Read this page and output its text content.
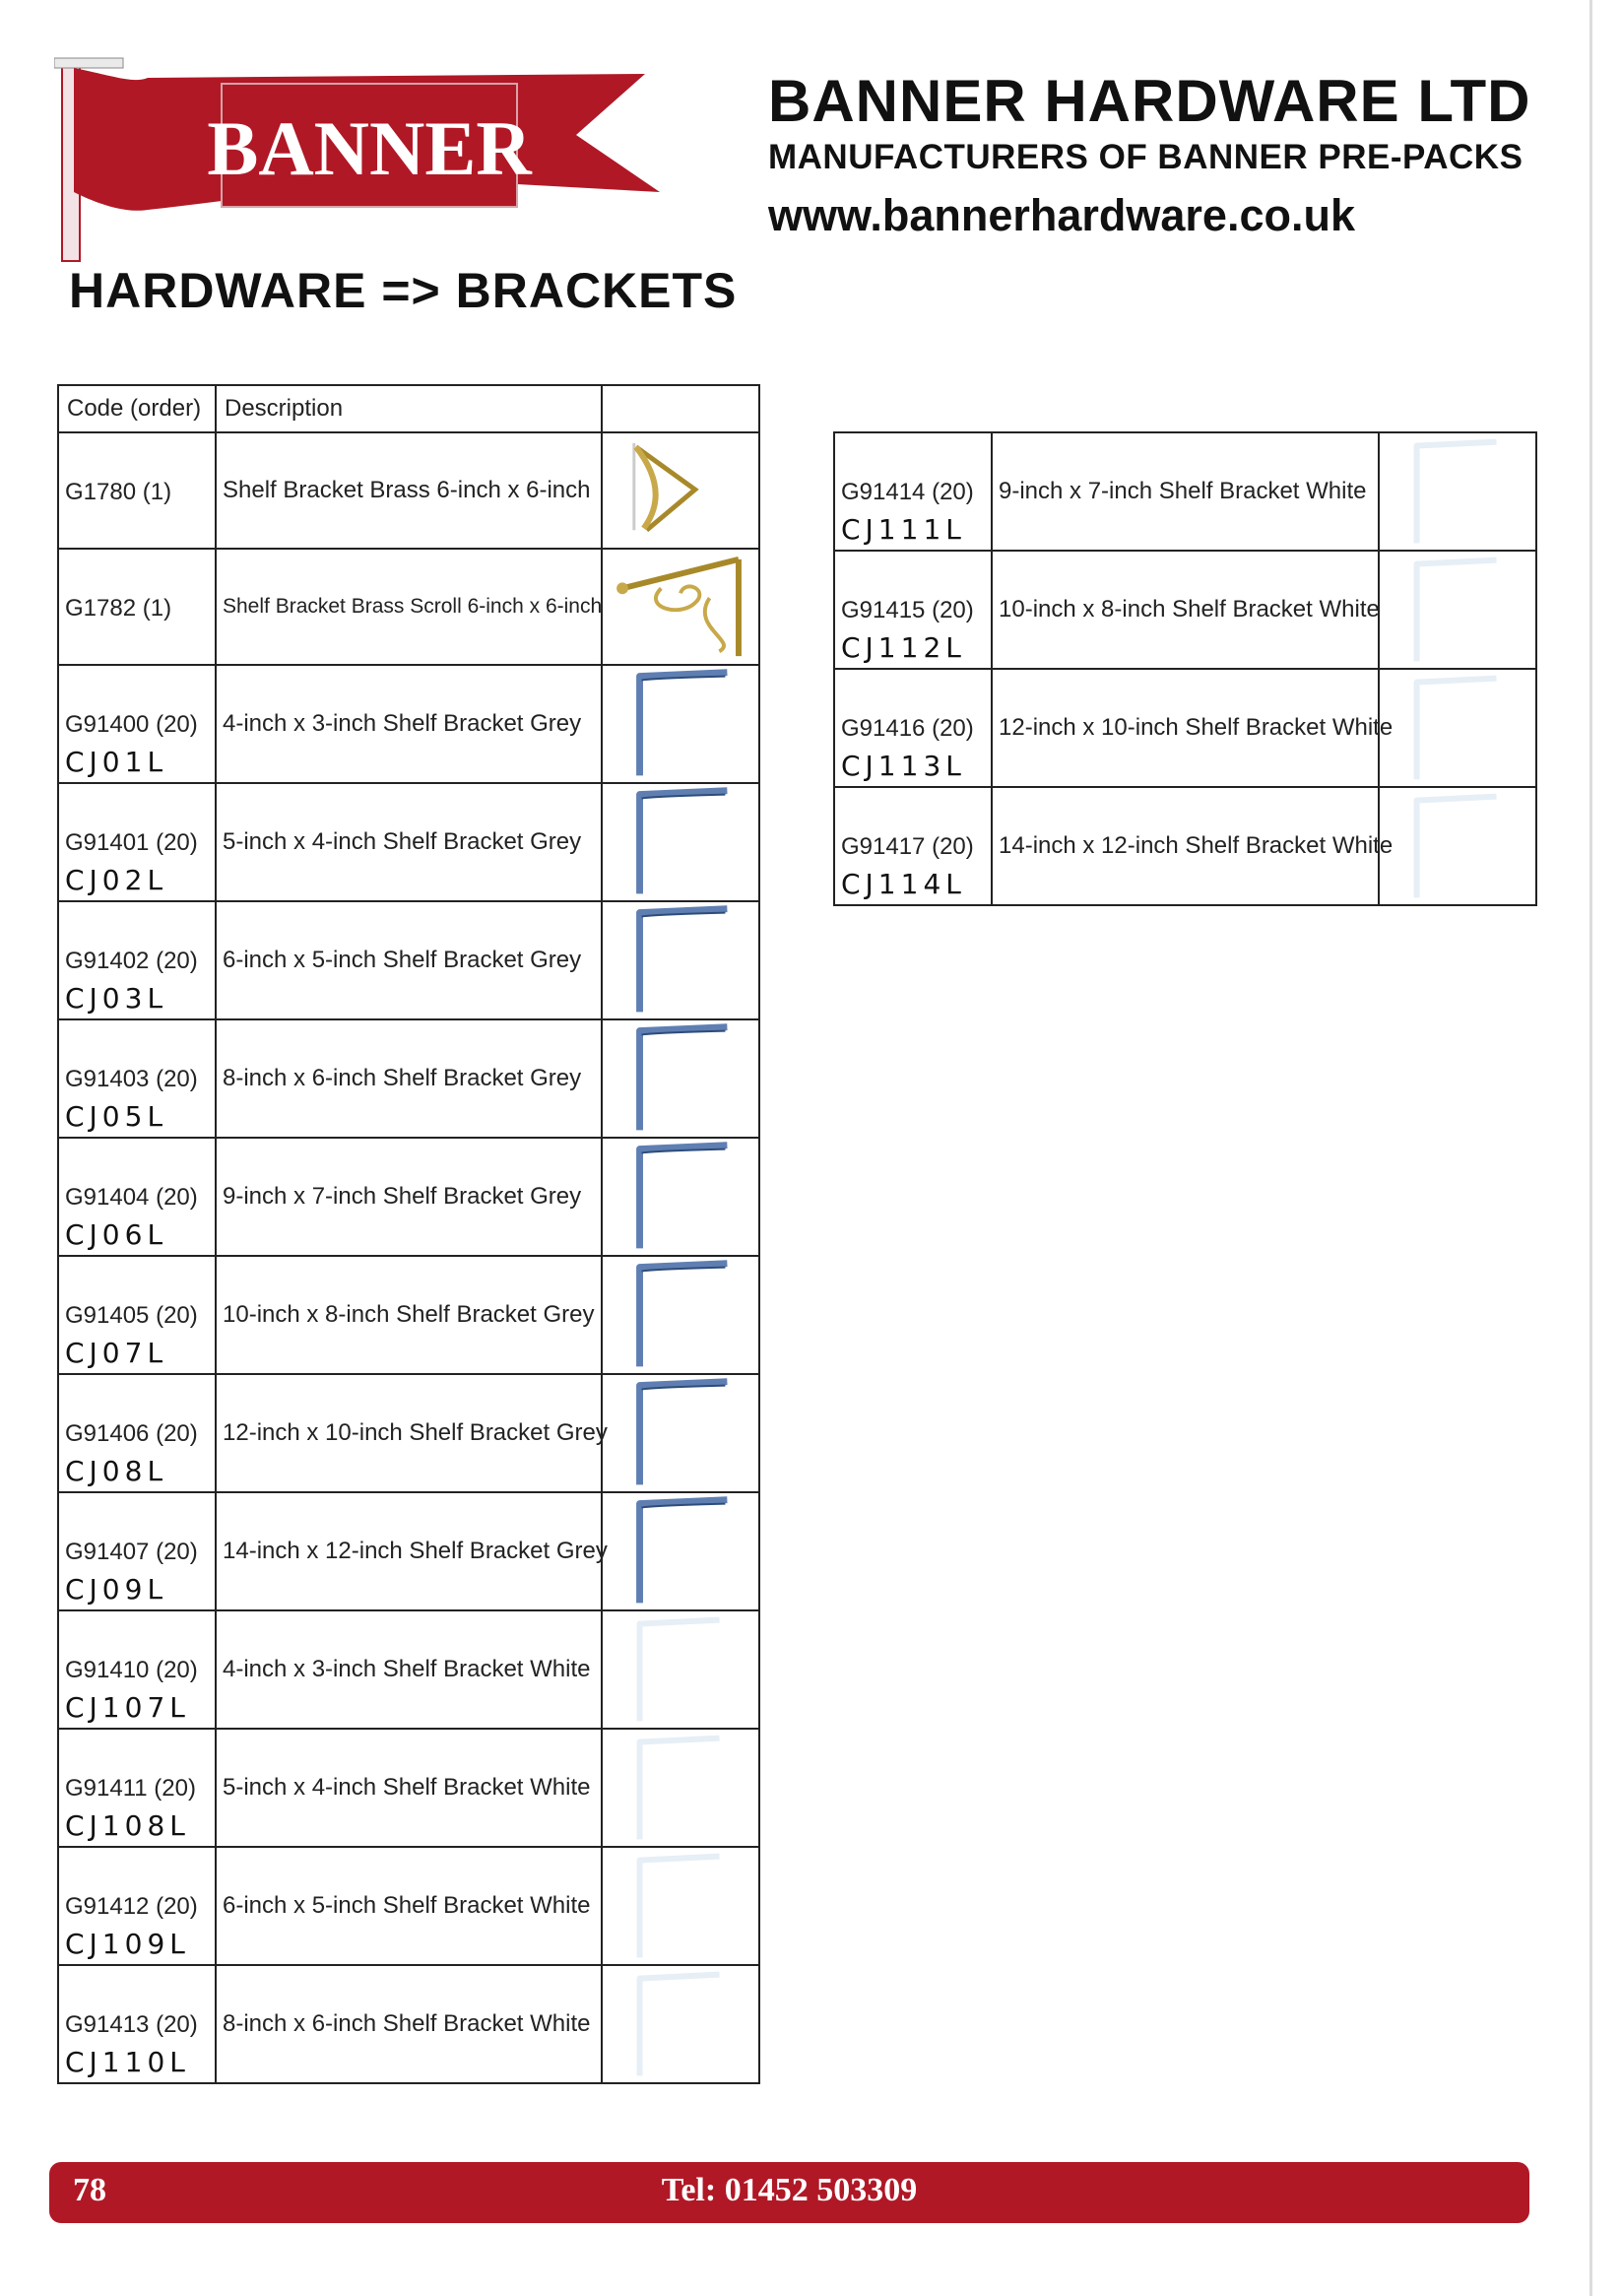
BANNER
BANNER HARDWARE LTD
MANUFACTURERS OF BANNER PRE-PACKS
www.bannerhardware.co.uk
HARDWARE => BRACKETS
Code (order)	Description	

G1780 (1)	Shelf Bracket Brass 6-inch x 6-inch	

G1782 (1)	Shelf Bracket Brass Scroll 6-inch x 6-inch	

G91400 (20)
CJ01L	4-inch x 3-inch Shelf Bracket Grey	

G91401 (20)
CJ02L	5-inch x 4-inch Shelf Bracket Grey	

G91402 (20)
CJ03L	6-inch x 5-inch Shelf Bracket Grey	

G91403 (20)
CJ05L	8-inch x 6-inch Shelf Bracket Grey	

G91404 (20)
CJ06L	9-inch x 7-inch Shelf Bracket Grey	

G91405 (20)
CJ07L	10-inch x 8-inch Shelf Bracket Grey	

G91406 (20)
CJ08L	12-inch x 10-inch Shelf Bracket Grey	

G91407 (20)
CJ09L	14-inch x 12-inch Shelf Bracket Grey	

G91410 (20)
CJ107L	4-inch x 3-inch Shelf Bracket White	

G91411 (20)
CJ108L	5-inch x 4-inch Shelf Bracket White	

G91412 (20)
CJ109L	6-inch x 5-inch Shelf Bracket White	

G91413 (20)
CJ110L	8-inch x 6-inch Shelf Bracket White	
G91414 (20)
CJ111L	9-inch x 7-inch Shelf Bracket White	

G91415 (20)
CJ112L	10-inch x 8-inch Shelf Bracket White	

G91416 (20)
CJ113L	12-inch x 10-inch Shelf Bracket White	

G91417 (20)
CJ114L	14-inch x 12-inch Shelf Bracket White	
78	Tel: 01452 503309
